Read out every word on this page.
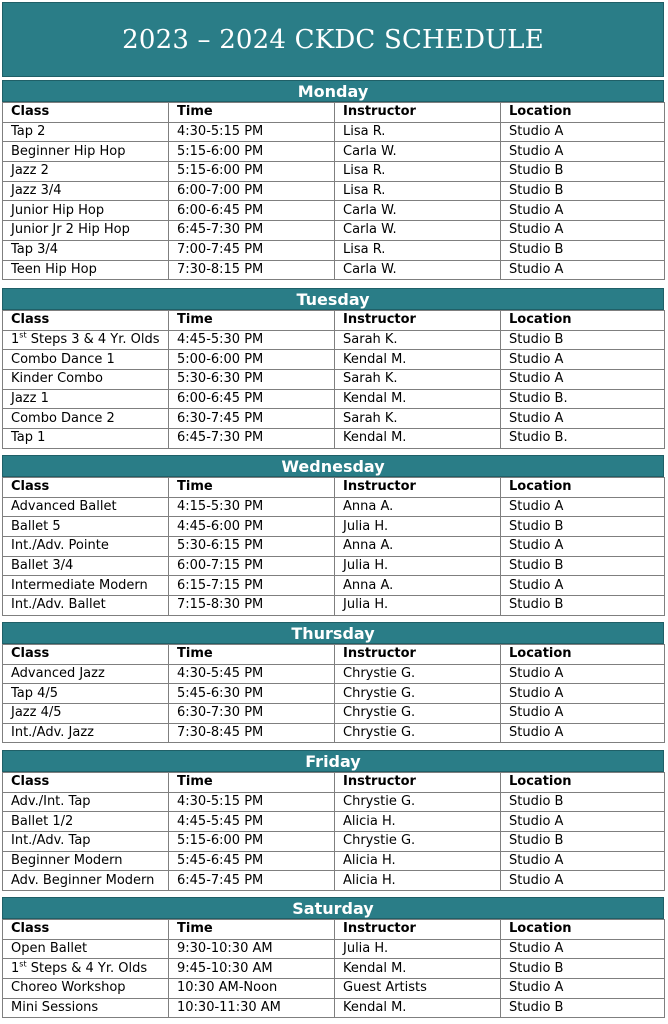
2023 – 2024 CKDC SCHEDULE
Monday
Class	Time	Instructor	Location
Tap 2	4:30-5:15 PM	Lisa R.	Studio A
Beginner Hip Hop	5:15-6:00 PM	Carla W.	Studio A
Jazz 2	5:15-6:00 PM	Lisa R.	Studio B
Jazz 3/4	6:00-7:00 PM	Lisa R.	Studio B
Junior Hip Hop	6:00-6:45 PM	Carla W.	Studio A
Junior Jr 2 Hip Hop	6:45-7:30 PM	Carla W.	Studio A
Tap 3/4	7:00-7:45 PM	Lisa R.	Studio B
Teen Hip Hop	7:30-8:15 PM	Carla W.	Studio A
Tuesday
Class	Time	Instructor	Location
1st Steps 3 & 4 Yr. Olds	4:45-5:30 PM	Sarah K.	Studio B
Combo Dance 1	5:00-6:00 PM	Kendal M.	Studio A
Kinder Combo	5:30-6:30 PM	Sarah K.	Studio A
Jazz 1	6:00-6:45 PM	Kendal M.	Studio B.
Combo Dance 2	6:30-7:45 PM	Sarah K.	Studio A
Tap 1	6:45-7:30 PM	Kendal M.	Studio B.
Wednesday
Class	Time	Instructor	Location
Advanced Ballet	4:15-5:30 PM	Anna A.	Studio A
Ballet 5	4:45-6:00 PM	Julia H.	Studio B
Int./Adv. Pointe	5:30-6:15 PM	Anna A.	Studio A
Ballet 3/4	6:00-7:15 PM	Julia H.	Studio B
Intermediate Modern	6:15-7:15 PM	Anna A.	Studio A
Int./Adv. Ballet	7:15-8:30 PM	Julia H.	Studio B
Thursday
Class	Time	Instructor	Location
Advanced Jazz	4:30-5:45 PM	Chrystie G.	Studio A
Tap 4/5	5:45-6:30 PM	Chrystie G.	Studio A
Jazz 4/5	6:30-7:30 PM	Chrystie G.	Studio A
Int./Adv. Jazz	7:30-8:45 PM	Chrystie G.	Studio A
Friday
Class	Time	Instructor	Location
Adv./Int. Tap	4:30-5:15 PM	Chrystie G.	Studio B
Ballet 1/2	4:45-5:45 PM	Alicia H.	Studio A
Int./Adv. Tap	5:15-6:00 PM	Chrystie G.	Studio B
Beginner Modern	5:45-6:45 PM	Alicia H.	Studio A
Adv. Beginner Modern	6:45-7:45 PM	Alicia H.	Studio A
Saturday
Class	Time	Instructor	Location
Open Ballet	9:30-10:30 AM	Julia H.	Studio A
1st Steps & 4 Yr. Olds	9:45-10:30 AM	Kendal M.	Studio B
Choreo Workshop	10:30 AM-Noon	Guest Artists	Studio A
Mini Sessions	10:30-11:30 AM	Kendal M.	Studio B
